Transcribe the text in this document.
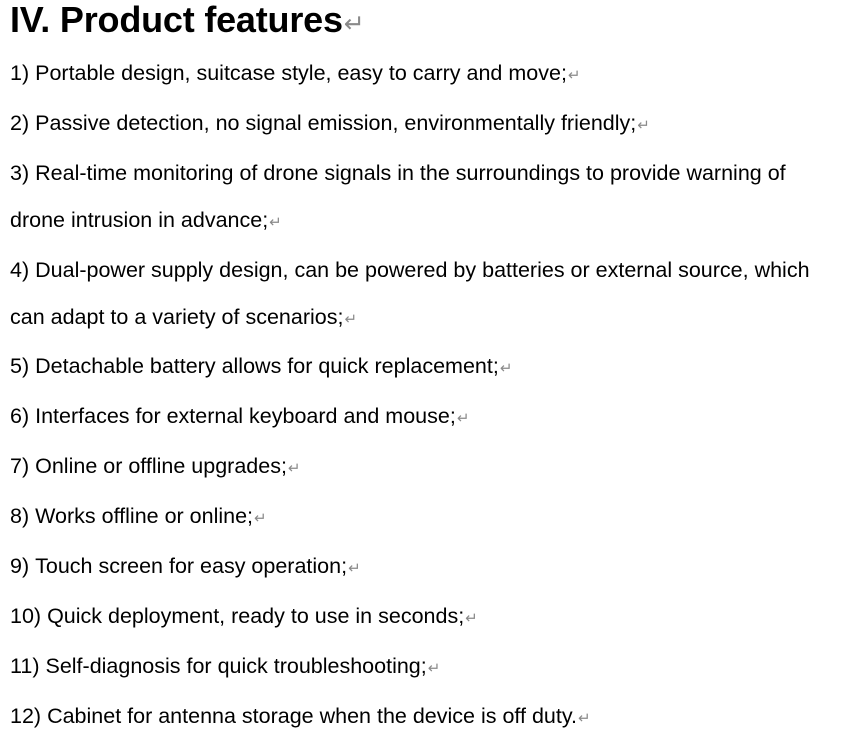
IV. Product features↵
1) Portable design, suitcase style, easy to carry and move;↵
2) Passive detection, no signal emission, environmentally friendly;↵
3) Real-time monitoring of drone signals in the surroundings to provide warning of drone intrusion in advance;↵
4) Dual-power supply design, can be powered by batteries or external source, which can adapt to a variety of scenarios;↵
5) Detachable battery allows for quick replacement;↵
6) Interfaces for external keyboard and mouse;↵
7) Online or offline upgrades;↵
8) Works offline or online;↵
9) Touch screen for easy operation;↵
10) Quick deployment, ready to use in seconds;↵
11) Self-diagnosis for quick troubleshooting;↵
12) Cabinet for antenna storage when the device is off duty.↵
